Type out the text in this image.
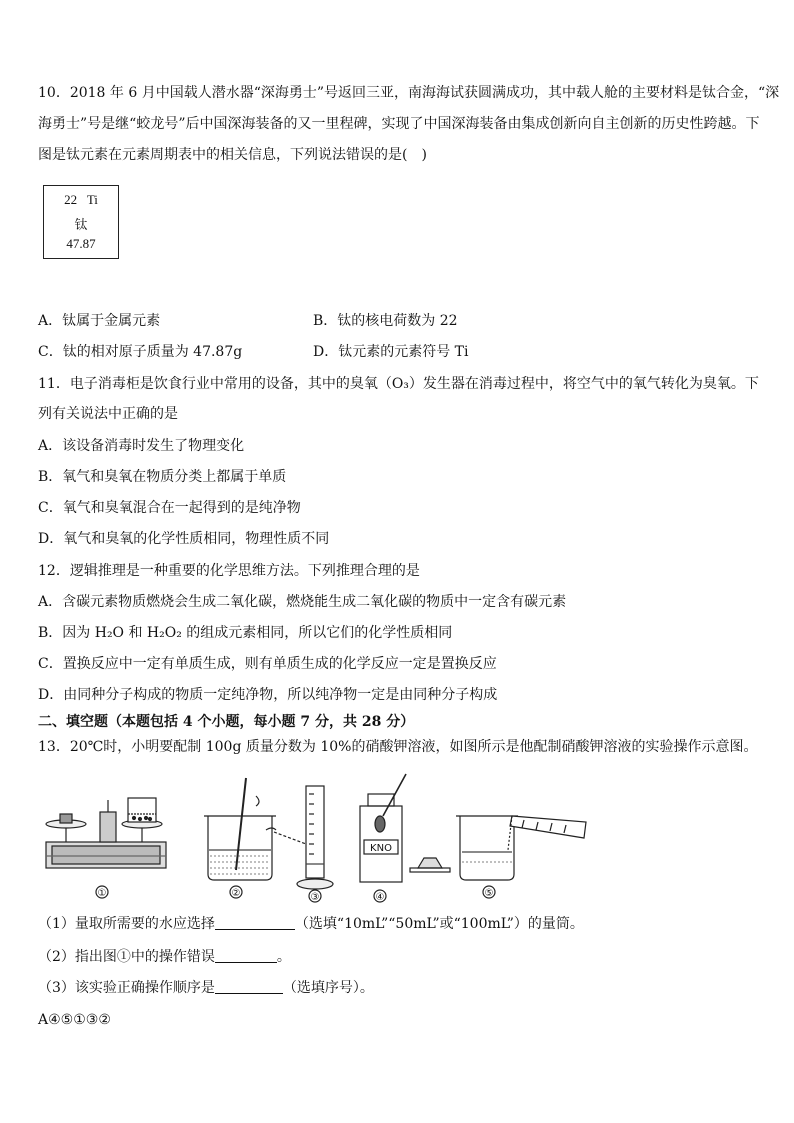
10．2018 年 6 月中国载人潜水器“深海勇士”号返回三亚，南海海试获圆满成功，其中载人舱的主要材料是钛合金，“深
海勇士”号是继“蛟龙号”后中国深海装备的又一里程碑，实现了中国深海装备由集成创新向自主创新的历史性跨越。下
图是钛元素在元素周期表中的相关信息，下列说法错误的是(　)
22 Ti
钛
47.87
A．钛属于金属元素	B．钛的核电荷数为 22
C．钛的相对原子质量为 47.87g	D．钛元素的元素符号 Ti
11．电子消毒柜是饮食行业中常用的设备，其中的臭氧（O₃）发生器在消毒过程中，将空气中的氧气转化为臭氧。下
列有关说法中正确的是
A．该设备消毒时发生了物理变化
B．氧气和臭氧在物质分类上都属于单质
C．氧气和臭氧混合在一起得到的是纯净物
D．氧气和臭氧的化学性质相同，物理性质不同
12．逻辑推理是一种重要的化学思维方法。下列推理合理的是
A．含碳元素物质燃烧会生成二氧化碳，燃烧能生成二氧化碳的物质中一定含有碳元素
B．因为 H₂O 和 H₂O₂ 的组成元素相同，所以它们的化学性质相同
C．置换反应中一定有单质生成，则有单质生成的化学反应一定是置换反应
D．由同种分子构成的物质一定纯净物，所以纯净物一定是由同种分子构成
二、填空题（本题包括 4 个小题，每小题 7 分，共 28 分）
13．20℃时，小明要配制 100g 质量分数为 10%的硝酸钾溶液，如图所示是他配制硝酸钾溶液的实验操作示意图。
KNO
①	②	③	④	⑤
（1）量取所需要的水应选择	（选填“10mL”“50mL”或“100mL”）的量筒。
（2）指出图①中的操作错误	。
（3）该实验正确操作顺序是	（选填序号）。
A④⑤①③②
